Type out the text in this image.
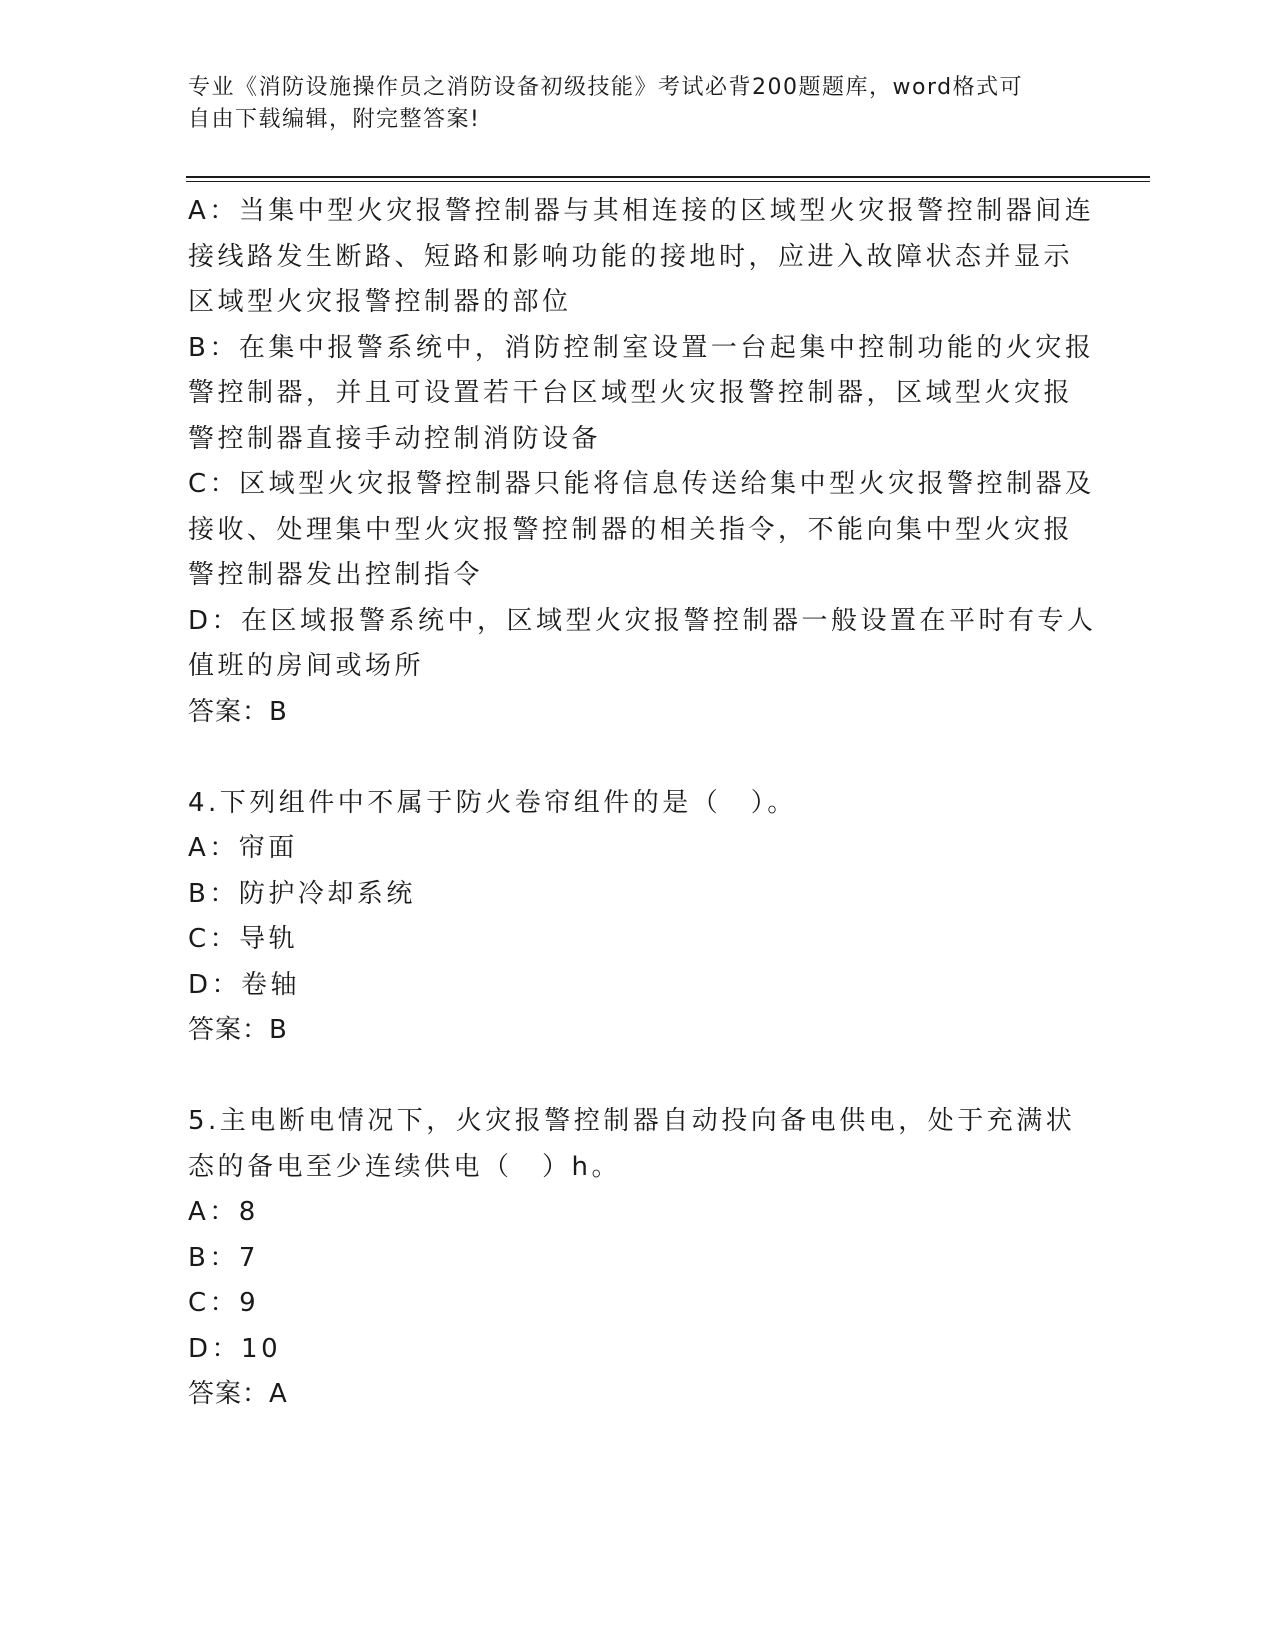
专业《消防设施操作员之消防设备初级技能》考试必背200题题库，word格式可
自由下载编辑，附完整答案!
A：当集中型火灾报警控制器与其相连接的区域型火灾报警控制器间连
接线路发生断路、短路和影响功能的接地时，应进入故障状态并显示
区域型火灾报警控制器的部位
B：在集中报警系统中，消防控制室设置一台起集中控制功能的火灾报
警控制器，并且可设置若干台区域型火灾报警控制器，区域型火灾报
警控制器直接手动控制消防设备
C：区域型火灾报警控制器只能将信息传送给集中型火灾报警控制器及
接收、处理集中型火灾报警控制器的相关指令，不能向集中型火灾报
警控制器发出控制指令
D：在区域报警系统中，区域型火灾报警控制器一般设置在平时有专人
值班的房间或场所
答案：B
4.下列组件中不属于防火卷帘组件的是（　）。
A：帘面
B：防护冷却系统
C：导轨
D：卷轴
答案：B
5.主电断电情况下，火灾报警控制器自动投向备电供电，处于充满状
态的备电至少连续供电（　）h。
A：8
B：7
C：9
D：10
答案：A
